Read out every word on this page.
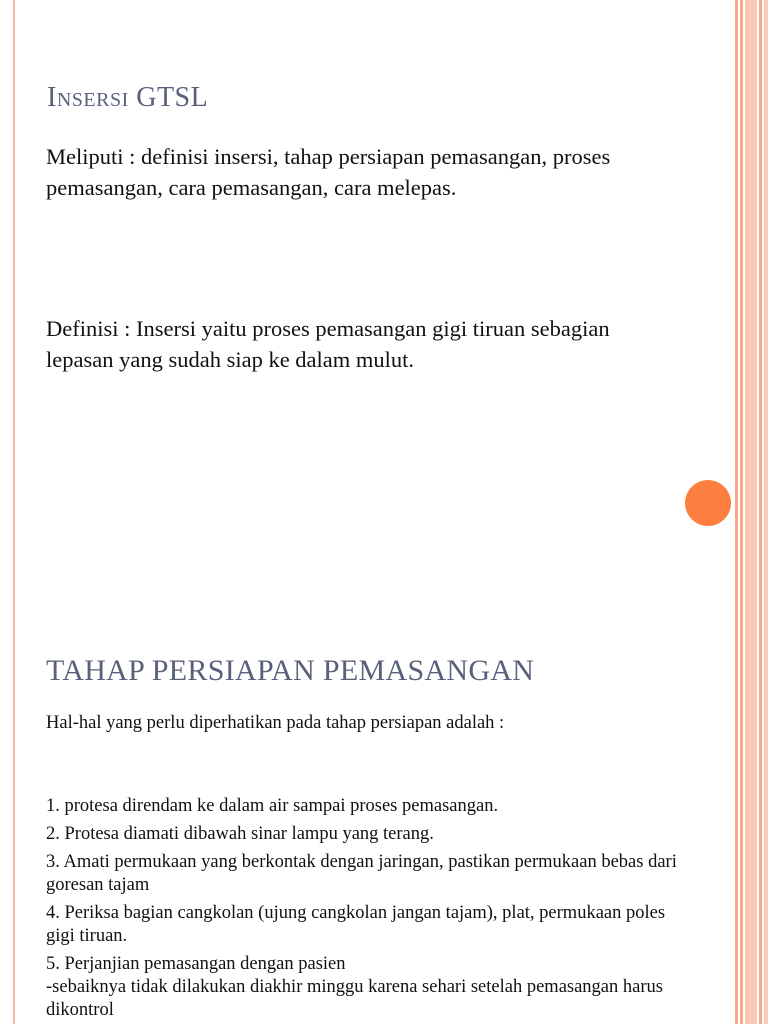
Insersi GTSL

Meliputi : definisi insersi, tahap persiapan pemasangan, proses pemasangan, cara pemasangan, cara melepas.

Definisi : Insersi yaitu proses pemasangan gigi tiruan sebagian lepasan yang sudah siap ke dalam mulut.

TAHAP PERSIAPAN PEMASANGAN

Hal-hal yang perlu diperhatikan pada tahap persiapan adalah :

1. protesa direndam ke dalam air sampai proses pemasangan.
2. Protesa diamati dibawah sinar lampu yang terang.
3. Amati permukaan yang berkontak dengan jaringan, pastikan permukaan bebas dari goresan tajam
4. Periksa bagian cangkolan (ujung cangkolan jangan tajam), plat, permukaan poles gigi tiruan.
5. Perjanjian pemasangan dengan pasien
-sebaiknya tidak dilakukan diakhir minggu karena sehari setelah pemasangan harus dikontrol
